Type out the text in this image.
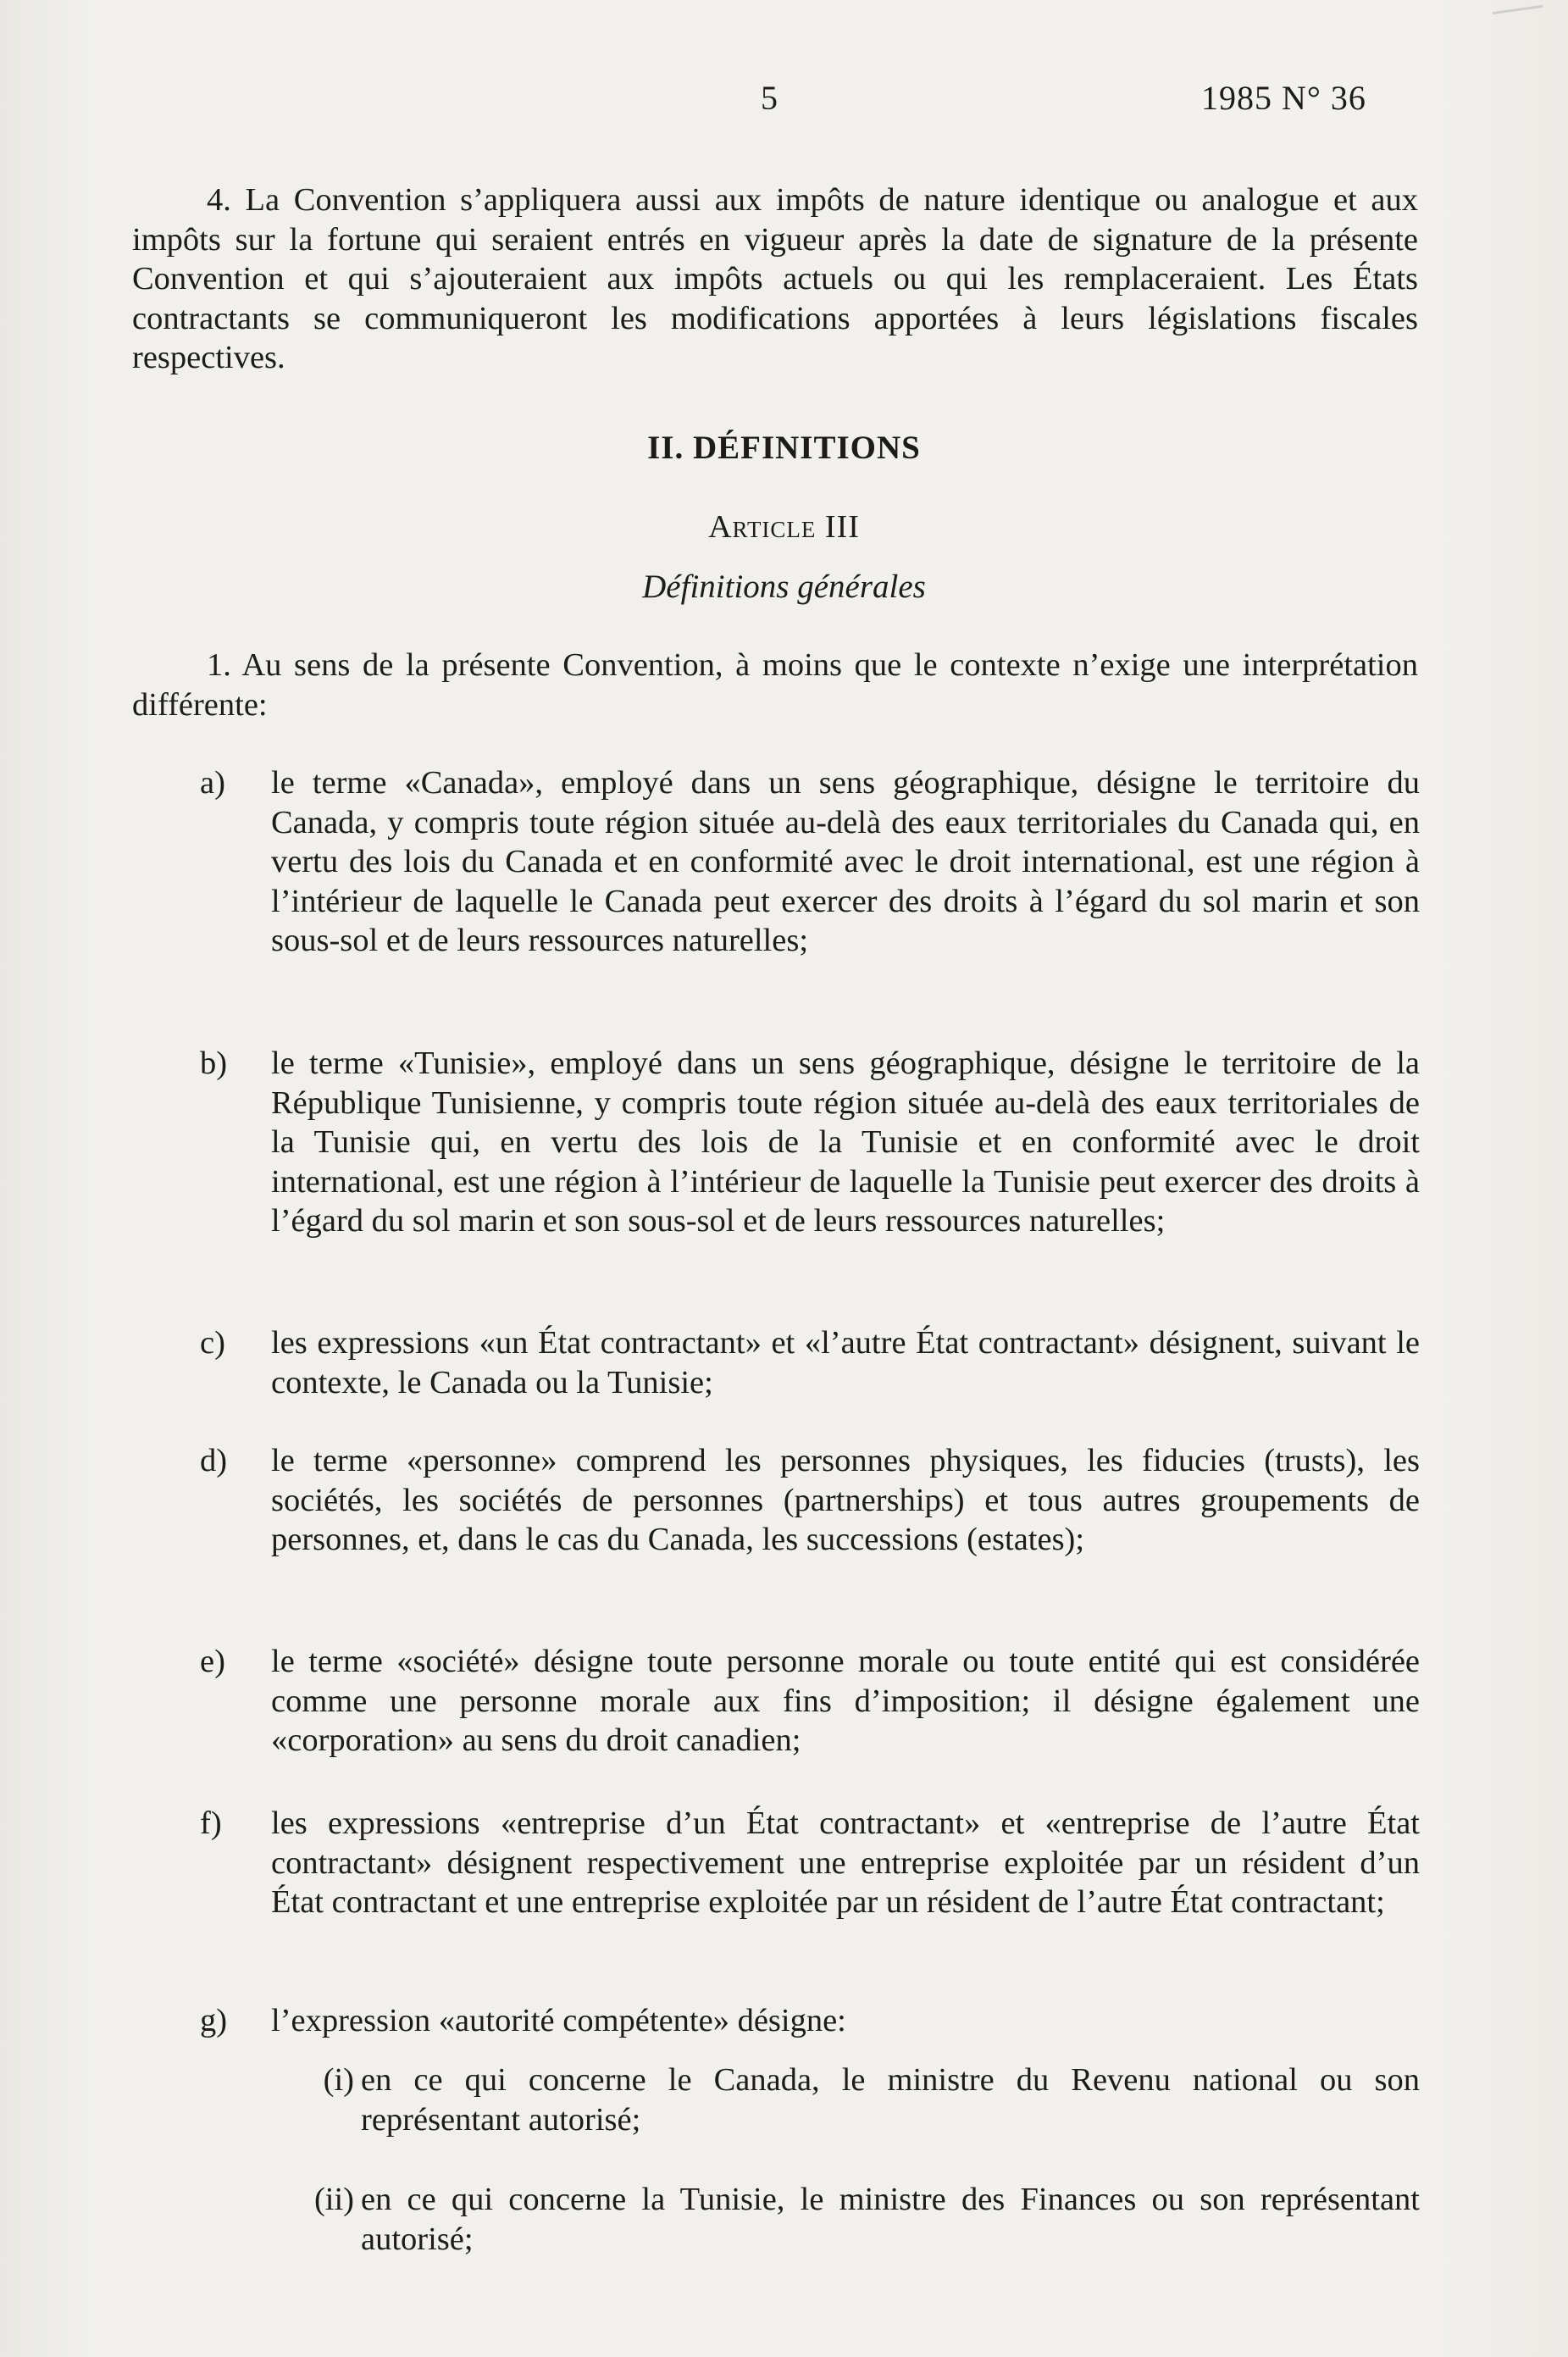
5	1985 N° 36

4. La Convention s’appliquera aussi aux impôts de nature identique ou analogue et aux impôts sur la fortune qui seraient entrés en vigueur après la date de signature de la présente Convention et qui s’ajouteraient aux impôts actuels ou qui les remplaceraient. Les États contractants se communiqueront les modifications apportées à leurs législations fiscales respectives.

II. DÉFINITIONS
Article III
Définitions générales

1. Au sens de la présente Convention, à moins que le contexte n’exige une interprétation différente:

a)	le terme «Canada», employé dans un sens géographique, désigne le territoire du Canada, y compris toute région située au-delà des eaux territoriales du Canada qui, en vertu des lois du Canada et en conformité avec le droit international, est une région à l’intérieur de laquelle le Canada peut exercer des droits à l’égard du sol marin et son sous-sol et de leurs ressources naturelles;
b)	le terme «Tunisie», employé dans un sens géographique, désigne le territoire de la République Tunisienne, y compris toute région située au-delà des eaux territoriales de la Tunisie qui, en vertu des lois de la Tunisie et en conformité avec le droit international, est une région à l’intérieur de laquelle la Tunisie peut exercer des droits à l’égard du sol marin et son sous-sol et de leurs ressources naturelles;
c)	les expressions «un État contractant» et «l’autre État contractant» désignent, suivant le contexte, le Canada ou la Tunisie;
d)	le terme «personne» comprend les personnes physiques, les fiducies (trusts), les sociétés, les sociétés de personnes (partnerships) et tous autres groupements de personnes, et, dans le cas du Canada, les successions (estates);
e)	le terme «société» désigne toute personne morale ou toute entité qui est considérée comme une personne morale aux fins d’imposition; il désigne également une «corporation» au sens du droit canadien;
f)	les expressions «entreprise d’un État contractant» et «entreprise de l’autre État contractant» désignent respectivement une entreprise exploitée par un résident d’un État contractant et une entreprise exploitée par un résident de l’autre État contractant;
g)	l’expression «autorité compétente» désigne:
(i) en ce qui concerne le Canada, le ministre du Revenu national ou son représentant autorisé;
(ii) en ce qui concerne la Tunisie, le ministre des Finances ou son représentant autorisé;
